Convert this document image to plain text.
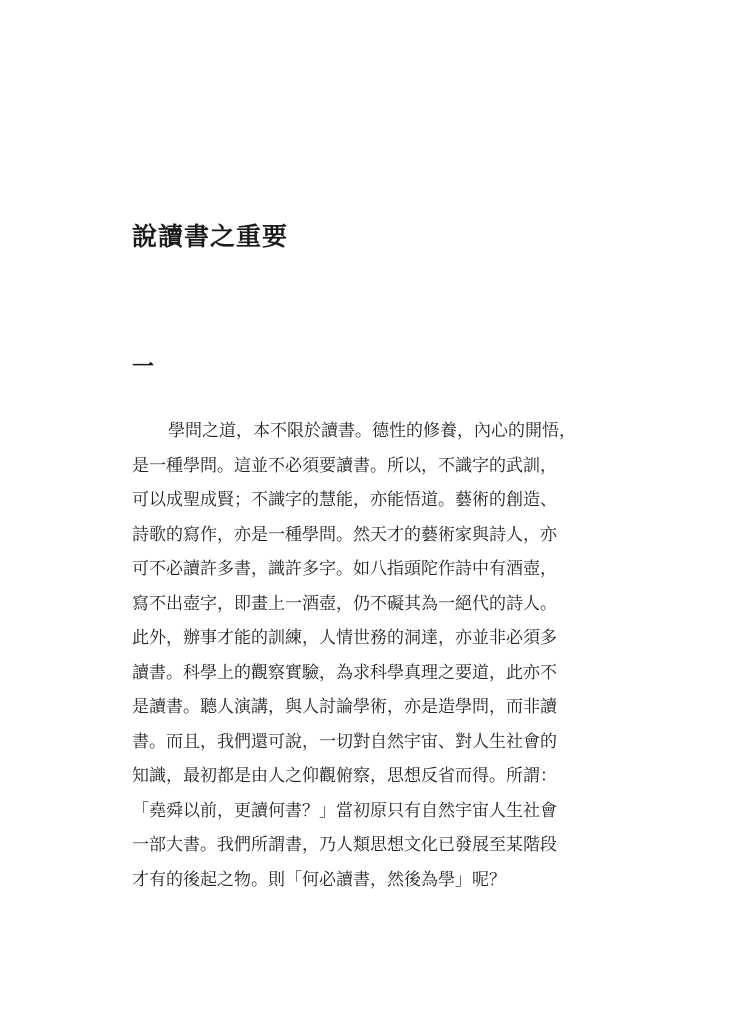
說讀書之重要
一
學問之道，本不限於讀書。德性的修養，內心的開悟，
是一種學問。這並不必須要讀書。所以，不識字的武訓，
可以成聖成賢；不識字的慧能，亦能悟道。藝術的創造、
詩歌的寫作，亦是一種學問。然天才的藝術家與詩人，亦
可不必讀許多書，識許多字。如八指頭陀作詩中有酒壺，
寫不出壺字，即畫上一酒壺，仍不礙其為一絕代的詩人。
此外，辦事才能的訓練，人情世務的洞達，亦並非必須多
讀書。科學上的觀察實驗，為求科學真理之要道，此亦不
是讀書。聽人演講，與人討論學術，亦是造學問，而非讀
書。而且，我們還可說，一切對自然宇宙、對人生社會的
知識，最初都是由人之仰觀俯察，思想反省而得。所謂：
「堯舜以前，更讀何書？」當初原只有自然宇宙人生社會
一部大書。我們所謂書，乃人類思想文化已發展至某階段
才有的後起之物。則「何必讀書，然後為學」呢？
